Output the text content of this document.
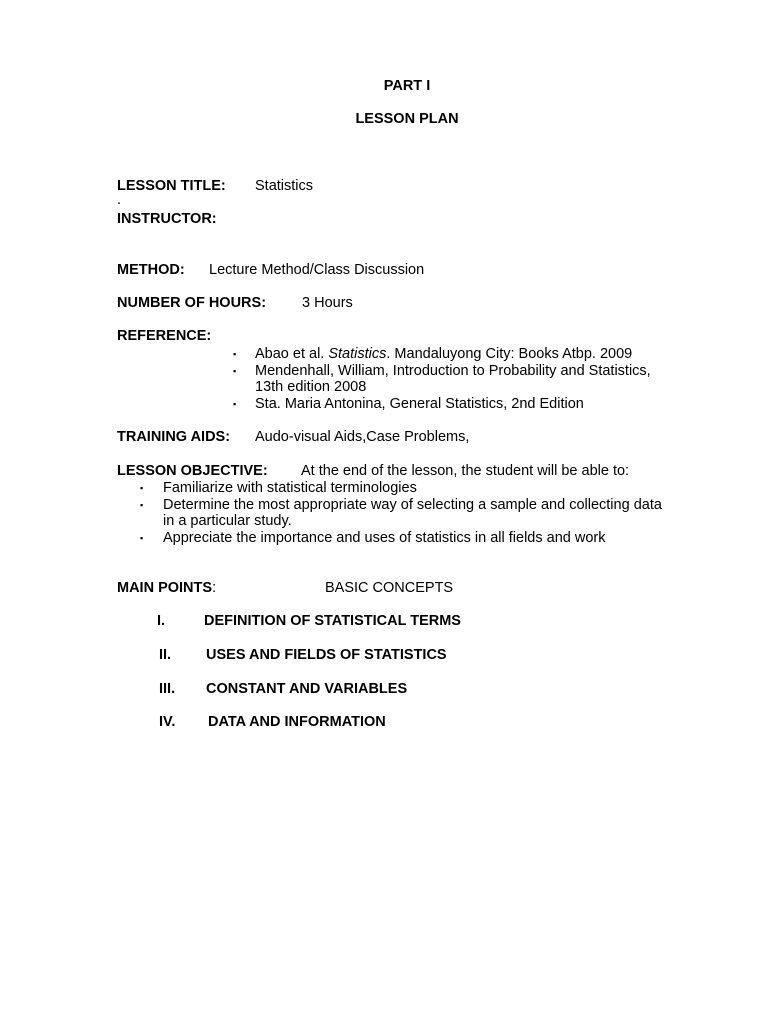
PART I
LESSON PLAN
LESSON TITLE: Statistics
.
INSTRUCTOR:
METHOD: Lecture Method/Class Discussion
NUMBER OF HOURS: 3 Hours
REFERENCE:
▪ Abao et al. Statistics. Mandaluyong City: Books Atbp. 2009
▪ Mendenhall, William, Introduction to Probability and Statistics,
13th edition 2008
▪ Sta. Maria Antonina, General Statistics, 2nd Edition
TRAINING AIDS: Audo-visual Aids,Case Problems,
LESSON OBJECTIVE: At the end of the lesson, the student will be able to:
▪ Familiarize with statistical terminologies
▪ Determine the most appropriate way of selecting a sample and collecting data
in a particular study.
▪ Appreciate the importance and uses of statistics in all fields and work
MAIN POINTS:	BASIC CONCEPTS
I.	DEFINITION OF STATISTICAL TERMS
II. USES AND FIELDS OF STATISTICS
III. CONSTANT AND VARIABLES
IV. DATA AND INFORMATION
